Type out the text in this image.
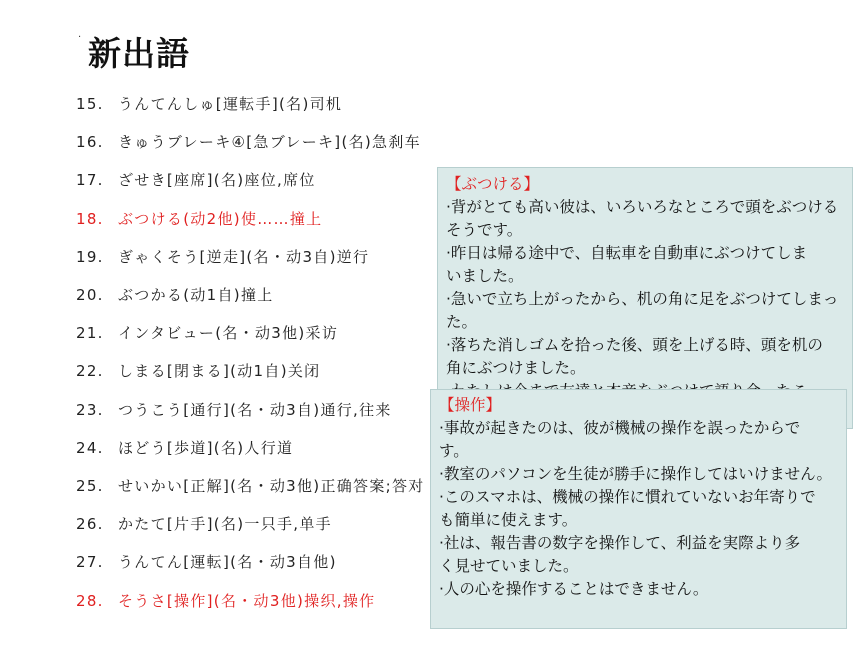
· 新出語
15. うんてんしゅ[運転手](名)司机
16. きゅうブレーキ④[急ブレーキ](名)急刹车
17. ざせき[座席](名)座位,席位
18. ぶつける(动2他)使……撞上
19. ぎゃくそう[逆走](名・动3自)逆行
20. ぶつかる(动1自)撞上
21. インタビュー(名・动3他)采访
22. しまる[閉まる](动1自)关闭
23. つうこう[通行](名・动3自)通行,往来
24. ほどう[歩道](名)人行道
25. せいかい[正解](名・动3他)正确答案;答对
26. かたて[片手](名)一只手,单手
27. うんてん[運転](名・动3自他)
28. そうさ[操作](名・动3他)操织,操作
【ぶつける】
·背がとても高い彼は、いろいろなところで頭をぶつける
そうです。
·昨日は帰る途中で、自転車を自動車にぶつけてしま
いました。
·急いで立ち上がったから、机の角に足をぶつけてしまっ
た。
·落ちた消しゴムを拾った後、頭を上げる時、頭を机の
角にぶつけました。
【操作】
·事故が起きたのは、彼が機械の操作を誤ったからで
す。
·教室のパソコンを生徒が勝手に操作してはいけません。
·このスマホは、機械の操作に慣れていないお年寄りで
も簡単に使えます。
·社は、報告書の数字を操作して、利益を実際より多
く見せていました。
·人の心を操作することはできません。
